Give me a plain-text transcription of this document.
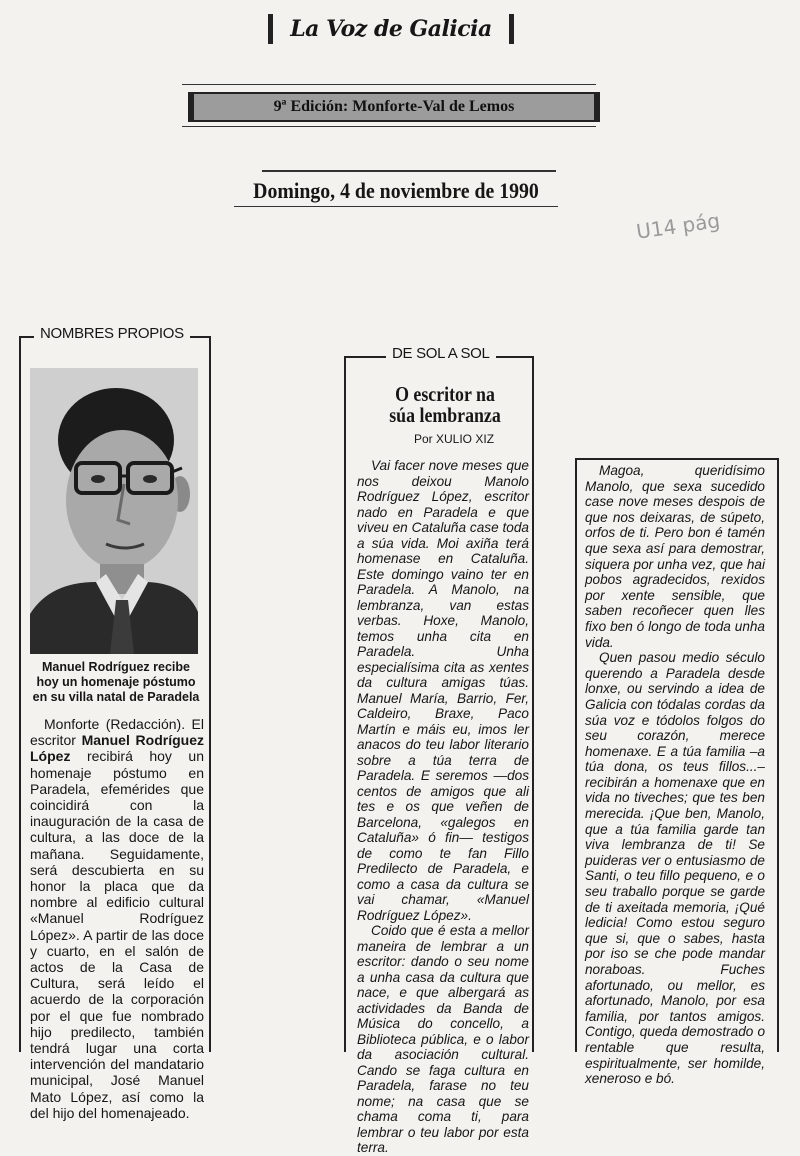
La Voz de Galicia
9ª Edición: Monforte-Val de Lemos
Domingo, 4 de noviembre de 1990
U14 pág
NOMBRES PROPIOS
Manuel Rodríguez recibe hoy un homenaje póstumo en su villa natal de Paradela

Monforte (Redacción). El escritor Manuel Rodríguez López recibirá hoy un homenaje póstumo en Paradela, efemérides que coincidirá con la inauguración de la casa de cultura, a las doce de la mañana. Seguidamente, será descubierta en su honor la placa que da nombre al edificio cultural «Manuel Rodríguez López». A partir de las doce y cuarto, en el salón de actos de la Casa de Cultura, será leído el acuerdo de la corporación por el que fue nombrado hijo predilecto, también tendrá lugar una corta intervención del mandatario municipal, José Manuel Mato López, así como la del hijo del homenajeado.

DE SOL A SOL
O escritor na
súa lembranza
Por XULIO XIZ

Vai facer nove meses que nos deixou Manolo Rodríguez López, escritor nado en Paradela e que viveu en Cataluña case toda a súa vida. Moi axiña terá homenase en Cataluña. Este domingo vaino ter en Paradela. A Manolo, na lembranza, van estas verbas. Hoxe, Manolo, temos unha cita en Paradela. Unha especialísima cita as xentes da cultura amigas túas. Manuel María, Barrio, Fer, Caldeiro, Braxe, Paco Martín e máis eu, imos ler anacos do teu labor literario sobre a túa terra de Paradela. E seremos —dos centos de amigos que ali tes e os que veñen de Barcelona, «galegos en Cataluña» ó fin— testigos de como te fan Fillo Predilecto de Paradela, e como a casa da cultura se vai chamar, «Manuel Rodríguez López».

Coido que é esta a mellor maneira de lembrar a un escritor: dando o seu nome a unha casa da cultura que nace, e que albergará as actividades da Banda de Música do concello, a Biblioteca pública, e o labor da asociación cultural. Cando se faga cultura en Paradela, farase no teu nome; na casa que se chama coma ti, para lembrar o teu labor por esta terra.

Magoa, queridísimo Manolo, que sexa sucedido case nove meses despois de que nos deixaras, de súpeto, orfos de ti. Pero bon é tamén que sexa así para demostrar, siquera por unha vez, que hai pobos agradecidos, rexidos por xente sensible, que saben recoñecer quen lles fixo ben ó longo de toda unha vida.

Quen pasou medio século querendo a Paradela desde lonxe, ou servindo a idea de Galicia con tódalas cordas da súa voz e tódolos folgos do seu corazón, merece homenaxe. E a túa familia –a túa dona, os teus fillos...– recibirán a homenaxe que en vida no tiveches; que tes ben merecida. ¡Que ben, Manolo, que a túa familia garde tan viva lembranza de ti! Se puideras ver o entusiasmo de Santi, o teu fillo pequeno, e o seu traballo porque se garde de ti axeitada memoria, ¡Qué ledicia! Como estou seguro que si, que o sabes, hasta por iso se che pode mandar noraboas. Fuches afortunado, ou mellor, es afortunado, Manolo, por esa familia, por tantos amigos. Contigo, queda demostrado o rentable que resulta, espiritualmente, ser homilde, xeneroso e bó.
